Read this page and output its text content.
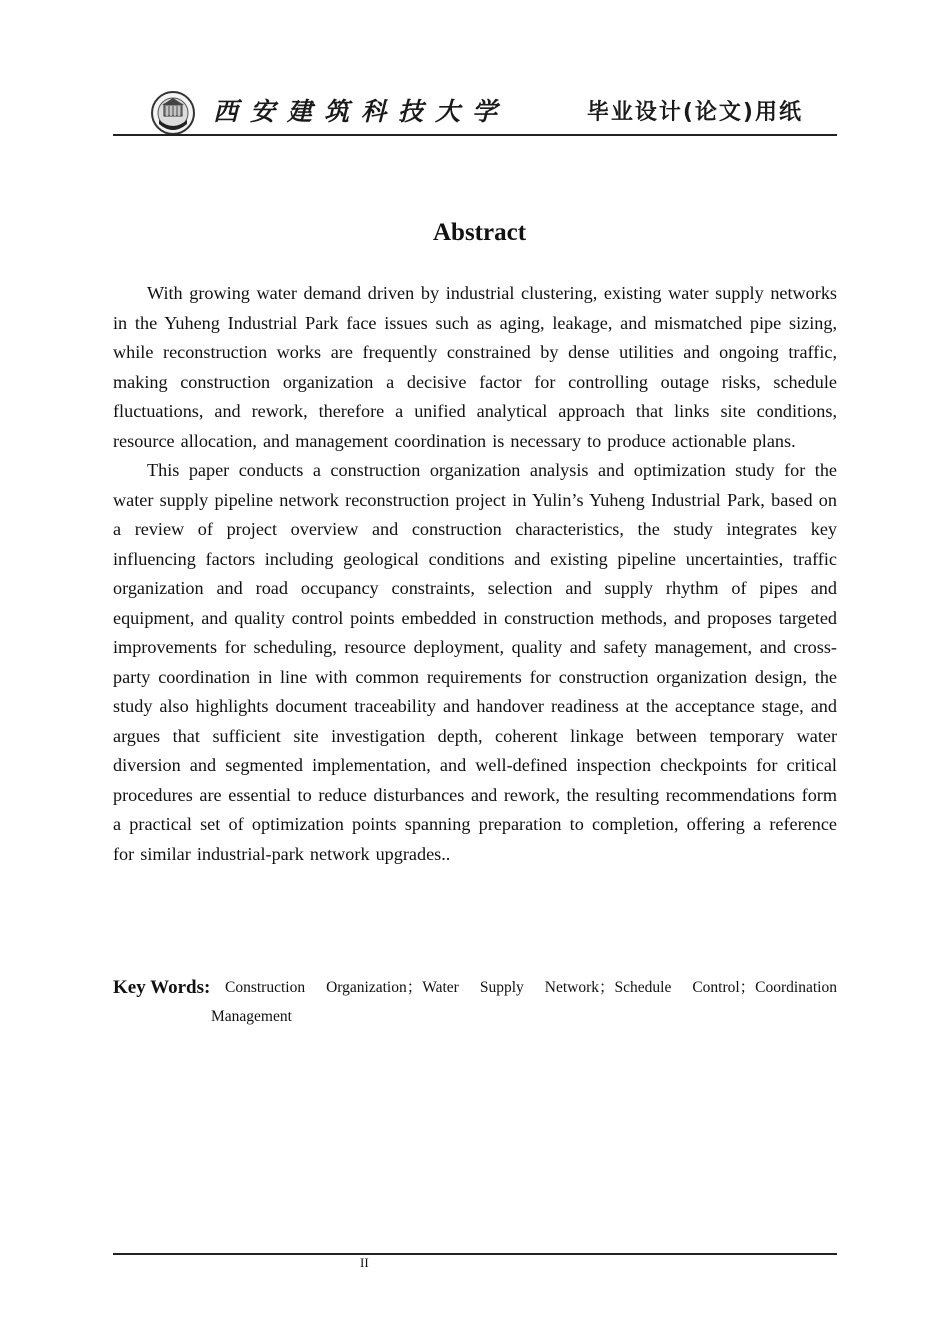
西安建筑科技大学	毕业设计(论文)用纸
Abstract

With growing water demand driven by industrial clustering, existing water supply networks in the Yuheng Industrial Park face issues such as aging, leakage, and mismatched pipe sizing, while reconstruction works are frequently constrained by dense utilities and ongoing traffic, making construction organization a decisive factor for controlling outage risks, schedule fluctuations, and rework, therefore a unified analytical approach that links site conditions, resource allocation, and management coordination is necessary to produce actionable plans.

This paper conducts a construction organization analysis and optimization study for the water supply pipeline network reconstruction project in Yulin’s Yuheng Industrial Park, based on a review of project overview and construction characteristics, the study integrates key influencing factors including geological conditions and existing pipeline uncertainties, traffic organization and road occupancy constraints, selection and supply rhythm of pipes and equipment, and quality control points embedded in construction methods, and proposes targeted improvements for scheduling, resource deployment, quality and safety management, and cross-party coordination in line with common requirements for construction organization design, the study also highlights document traceability and handover readiness at the acceptance stage, and argues that sufficient site investigation depth, coherent linkage between temporary water diversion and segmented implementation, and well-defined inspection checkpoints for critical procedures are essential to reduce disturbances and rework, the resulting recommendations form a practical set of optimization points spanning preparation to completion, offering a reference for similar industrial-park network upgrades..

Key Words: Construction Organization；Water Supply Network；Schedule Control；Coordination
Management
II
